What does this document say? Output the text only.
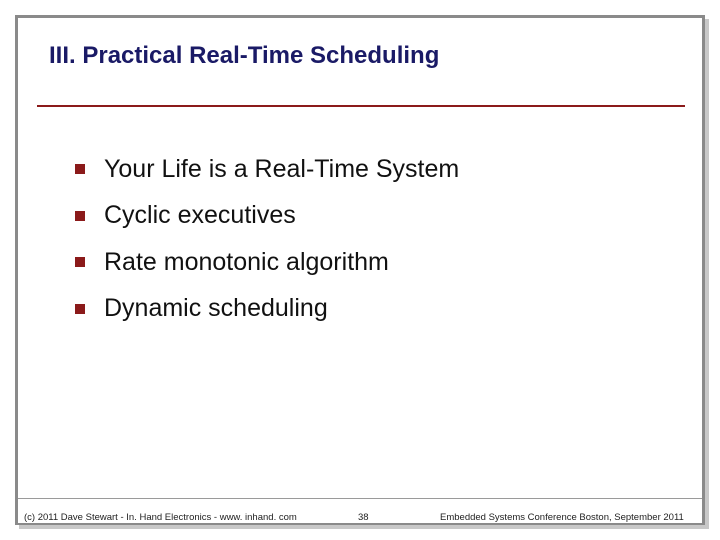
III. Practical Real-Time Scheduling
Your Life is a Real-Time System
Cyclic executives
Rate monotonic algorithm
Dynamic scheduling
(c) 2011 Dave Stewart - In. Hand Electronics - www. inhand. com	38	Embedded Systems Conference Boston, September 2011
